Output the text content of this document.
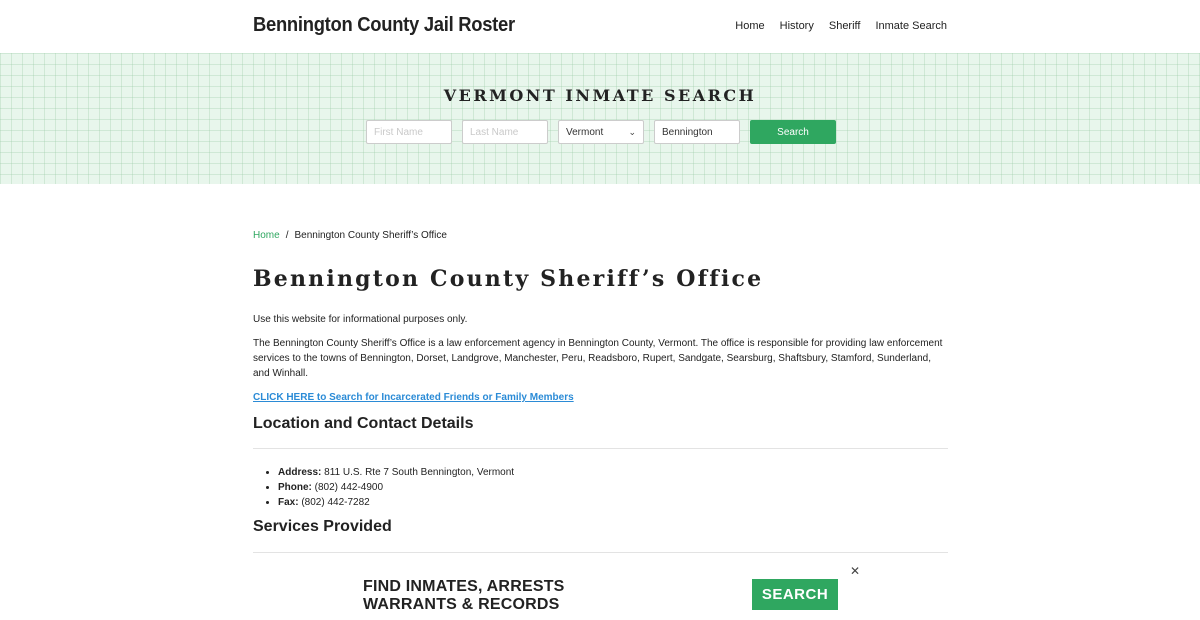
Bennington County Jail Roster	Home History Sheriff Inmate Search
VERMONT INMATE SEARCH
First Name
Last Name
Vermont	⌄	Bennington	Search
Home / Bennington County Sheriff’s Office
Bennington County Sheriff’s Office

Use this website for informational purposes only.

The Bennington County Sheriff’s Office is a law enforcement agency in Bennington County, Vermont. The office is responsible for providing law enforcement services to the towns of Bennington, Dorset, Landgrove, Manchester, Peru, Readsboro, Rupert, Sandgate, Searsburg, Shaftsbury, Stamford, Sunderland, and Winhall.

CLICK HERE to Search for Incarcerated Friends or Family Members
Location and Contact Details
• Address: 811 U.S. Rte 7 South Bennington, Vermont
• Phone: (802) 442-4900
• Fax: (802) 442-7282
Services Provided

•
•
FIND INMATES, ARRESTS
WARRANTS & RECORDS
SEARCH
✕
